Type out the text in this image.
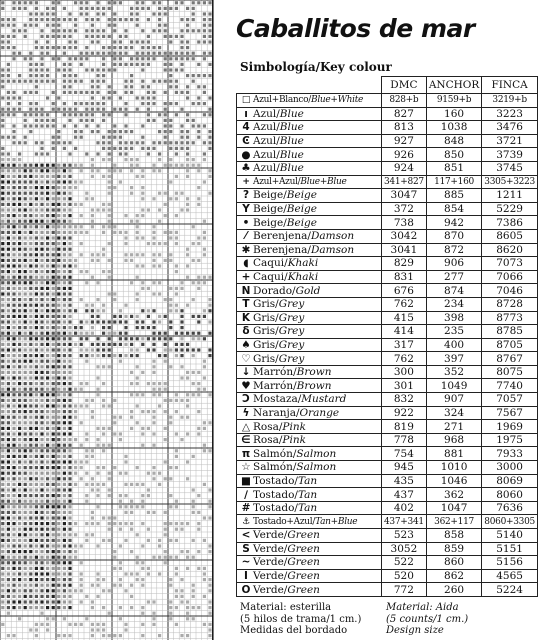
Caballitos de mar
Simbología/Key colour
	DMC	ANCHOR	FINCA
□ Azul+Blanco/Blue+White	828+b	9159+b	3219+b
ı Azul/Blue	827	160	3223
4 Azul/Blue	813	1038	3476
Ͼ Azul/Blue	927	848	3721
● Azul/Blue	926	850	3739
♣ Azul/Blue	924	851	3745
+ Azul+Azul/Blue+Blue	341+827	117+160	3305+3223
? Beige/Beige	3047	885	1211
Y Beige/Beige	372	854	5229
• Beige/Beige	738	942	7386
⁄ Berenjena/Damson	3042	870	8605
✱ Berenjena/Damson	3041	872	8620
◖ Caqui/Khaki	829	906	7073
+ Caqui/Khaki	831	277	7066
N Dorado/Gold	676	874	7046
T Gris/Grey	762	234	8728
K Gris/Grey	415	398	8773
δ Gris/Grey	414	235	8785
♠ Gris/Grey	317	400	8705
♡ Gris/Grey	762	397	8767
↓ Marrón/Brown	300	352	8075
♥ Marrón/Brown	301	1049	7740
Ↄ Mostaza/Mustard	832	907	7057
ϟ Naranja/Orange	922	324	7567
△ Rosa/Pink	819	271	1969
∈ Rosa/Pink	778	968	1975
π Salmón/Salmon	754	881	7933
☆ Salmón/Salmon	945	1010	3000
■ Tostado/Tan	435	1046	8069
∕ Tostado/Tan	437	362	8060
# Tostado/Tan	402	1047	7636
⚓ Tostado+Azul/Tan+Blue	437+341	362+117	8060+3305
< Verde/Green	523	858	5140
S Verde/Green	3052	859	5151
~ Verde/Green	522	860	5156
I Verde/Green	520	862	4565
O Verde/Green	772	260	5224
Material: esterilla
(5 hilos de trama/1 cm.)
Medidas del bordado
Material: Aida
(5 counts/1 cm.)
Design size
